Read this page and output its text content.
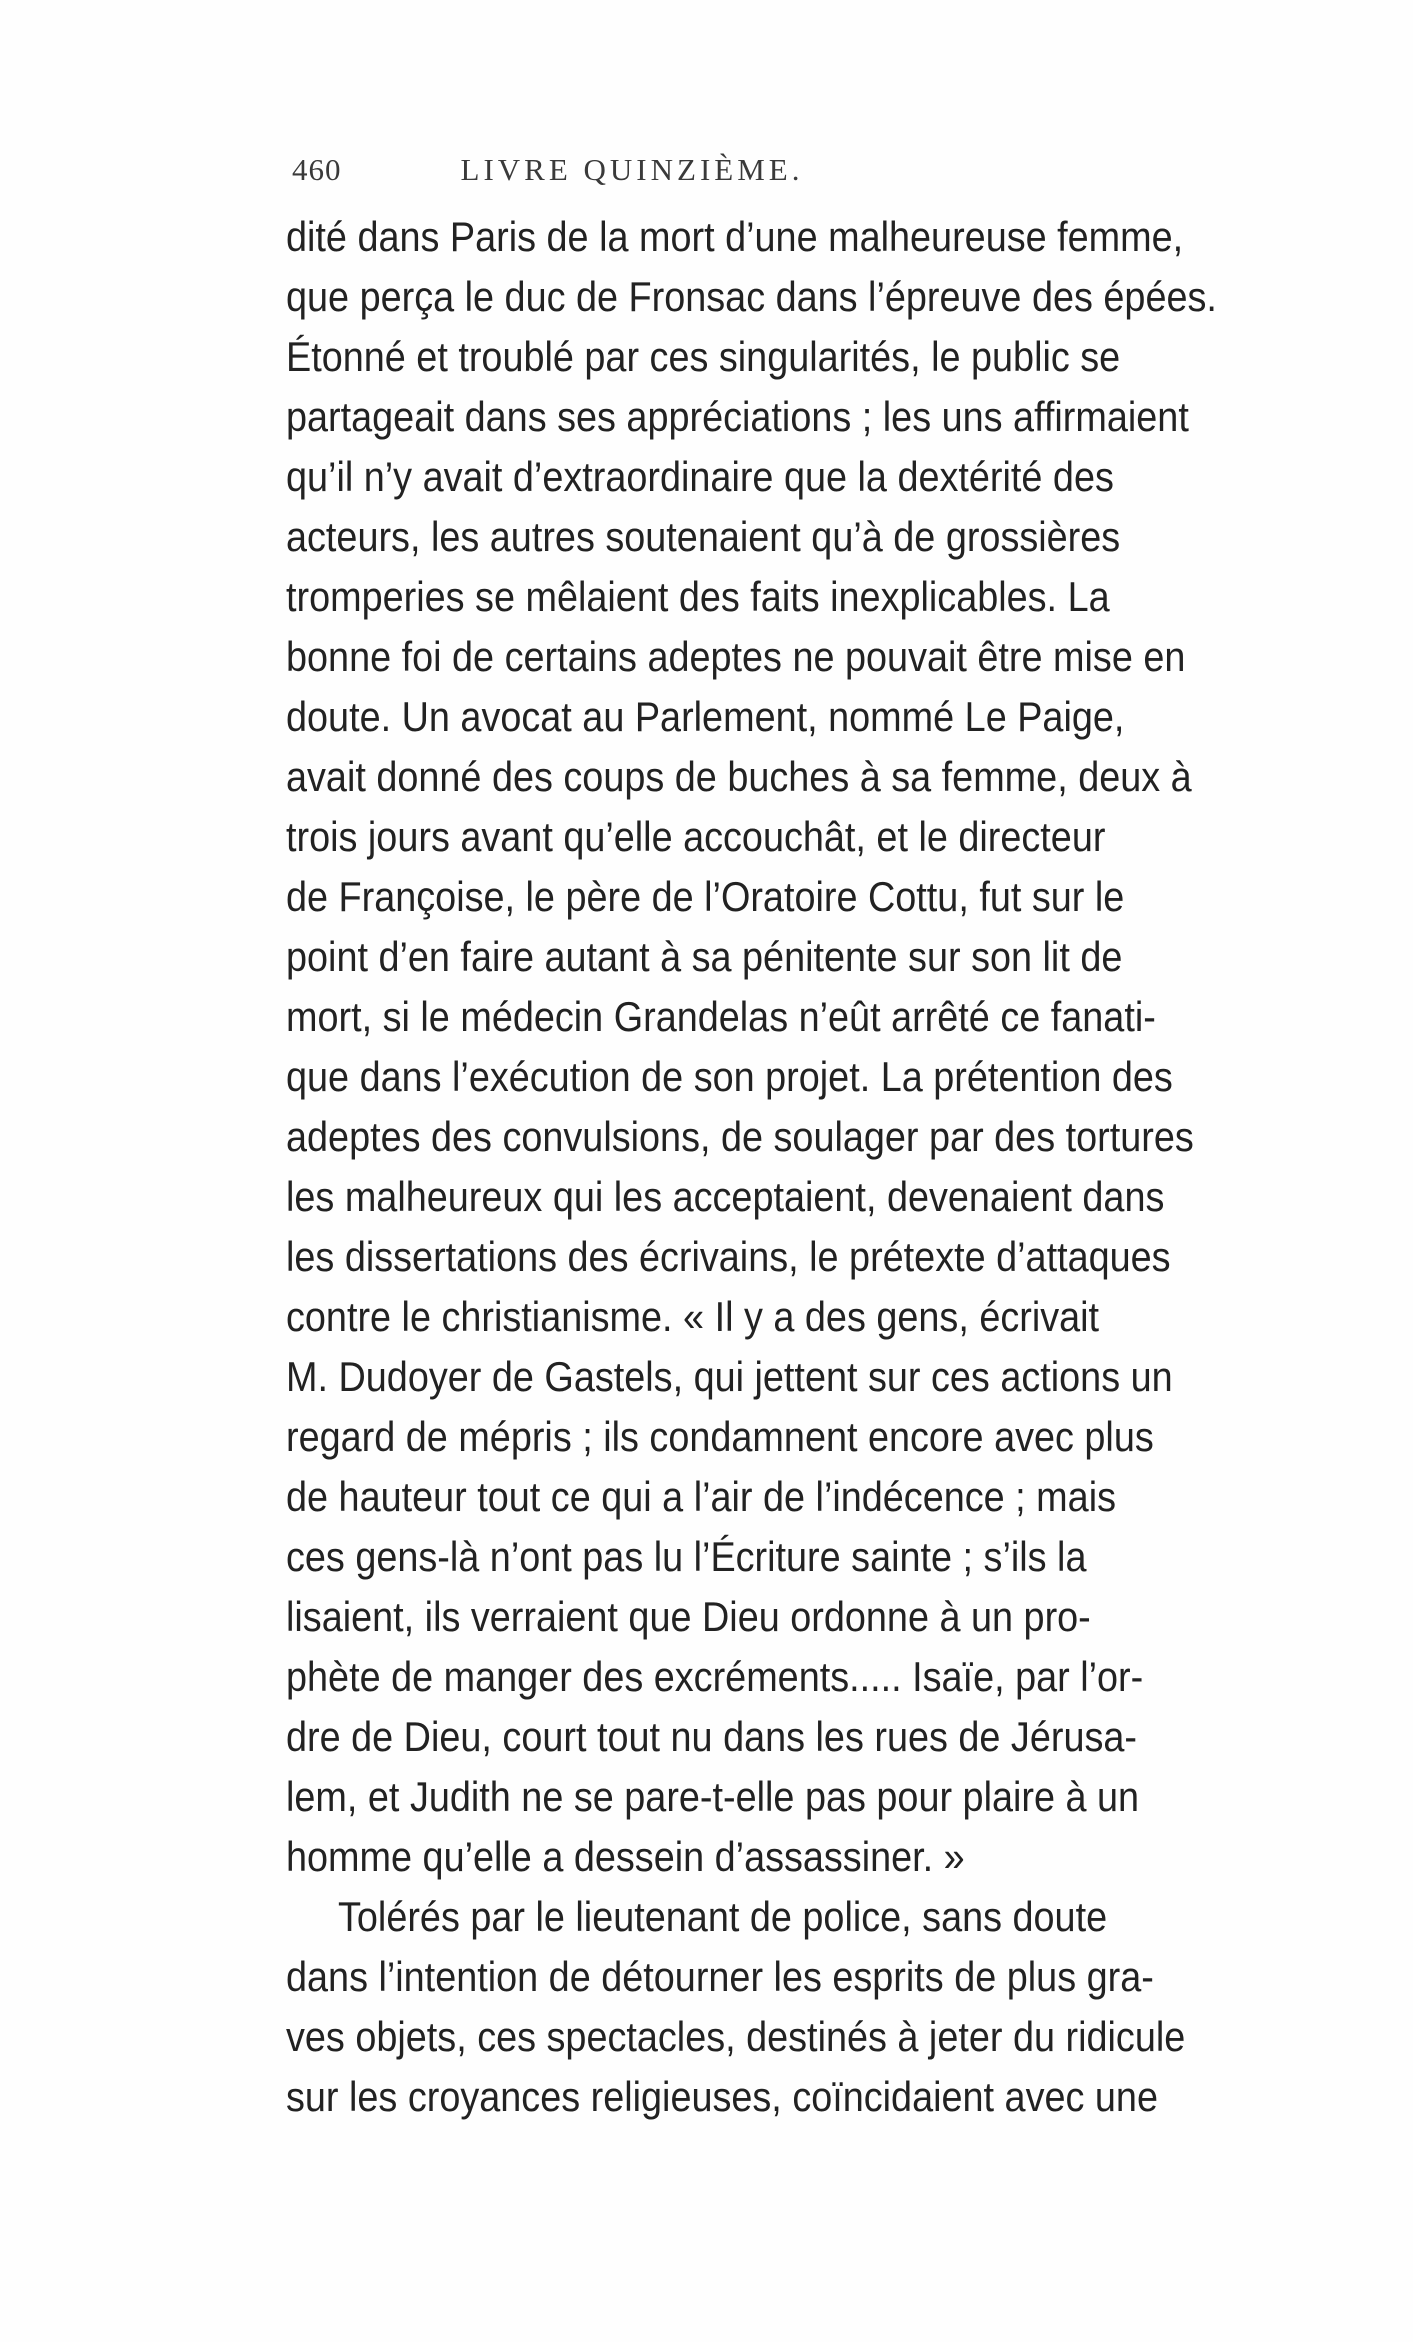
460	LIVRE QUINZIÈME.
dité dans Paris de la mort d’une malheureuse femme,
que perça le duc de Fronsac dans l’épreuve des épées.
Étonné et troublé par ces singularités, le public se
partageait dans ses appréciations ; les uns affirmaient
qu’il n’y avait d’extraordinaire que la dextérité des
acteurs, les autres soutenaient qu’à de grossières
tromperies se mêlaient des faits inexplicables. La
bonne foi de certains adeptes ne pouvait être mise en
doute. Un avocat au Parlement, nommé Le Paige,
avait donné des coups de buches à sa femme, deux à
trois jours avant qu’elle accouchât, et le directeur
de Françoise, le père de l’Oratoire Cottu, fut sur le
point d’en faire autant à sa pénitente sur son lit de
mort, si le médecin Grandelas n’eût arrêté ce fanati-
que dans l’exécution de son projet. La prétention des
adeptes des convulsions, de soulager par des tortures
les malheureux qui les acceptaient, devenaient dans
les dissertations des écrivains, le prétexte d’attaques
contre le christianisme. « Il y a des gens, écrivait
M. Dudoyer de Gastels, qui jettent sur ces actions un
regard de mépris ; ils condamnent encore avec plus
de hauteur tout ce qui a l’air de l’indécence ; mais
ces gens-là n’ont pas lu l’Écriture sainte ; s’ils la
lisaient, ils verraient que Dieu ordonne à un pro-
phète de manger des excréments..... Isaïe, par l’or-
dre de Dieu, court tout nu dans les rues de Jérusa-
lem, et Judith ne se pare-t-elle pas pour plaire à un
homme qu’elle a dessein d’assassiner. »
Tolérés par le lieutenant de police, sans doute
dans l’intention de détourner les esprits de plus gra-
ves objets, ces spectacles, destinés à jeter du ridicule
sur les croyances religieuses, coïncidaient avec une
